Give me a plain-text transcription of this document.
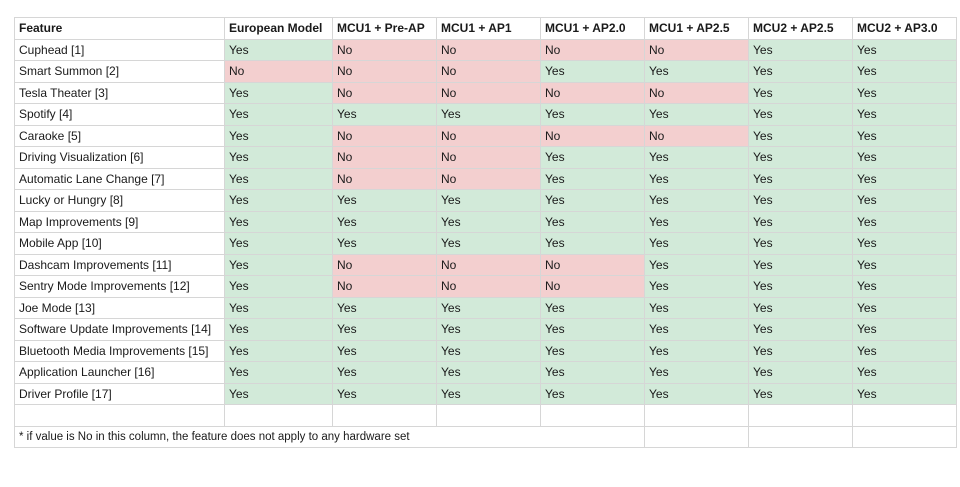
Feature	European Model	MCU1 + Pre-AP	MCU1 + AP1	MCU1 + AP2.0	MCU1 + AP2.5	MCU2 + AP2.5	MCU2 + AP3.0
Cuphead [1]	Yes	No	No	No	No	Yes	Yes
Smart Summon [2]	No	No	No	Yes	Yes	Yes	Yes
Tesla Theater [3]	Yes	No	No	No	No	Yes	Yes
Spotify [4]	Yes	Yes	Yes	Yes	Yes	Yes	Yes
Caraoke [5]	Yes	No	No	No	No	Yes	Yes
Driving Visualization [6]	Yes	No	No	Yes	Yes	Yes	Yes
Automatic Lane Change [7]	Yes	No	No	Yes	Yes	Yes	Yes
Lucky or Hungry [8]	Yes	Yes	Yes	Yes	Yes	Yes	Yes
Map Improvements [9]	Yes	Yes	Yes	Yes	Yes	Yes	Yes
Mobile App [10]	Yes	Yes	Yes	Yes	Yes	Yes	Yes
Dashcam Improvements [11]	Yes	No	No	No	Yes	Yes	Yes
Sentry Mode Improvements [12]	Yes	No	No	No	Yes	Yes	Yes
Joe Mode [13]	Yes	Yes	Yes	Yes	Yes	Yes	Yes
Software Update Improvements [14]	Yes	Yes	Yes	Yes	Yes	Yes	Yes
Bluetooth Media Improvements [15]	Yes	Yes	Yes	Yes	Yes	Yes	Yes
Application Launcher [16]	Yes	Yes	Yes	Yes	Yes	Yes	Yes
Driver Profile [17]	Yes	Yes	Yes	Yes	Yes	Yes	Yes

* if value is No in this column, the feature does not apply to any hardware set							
